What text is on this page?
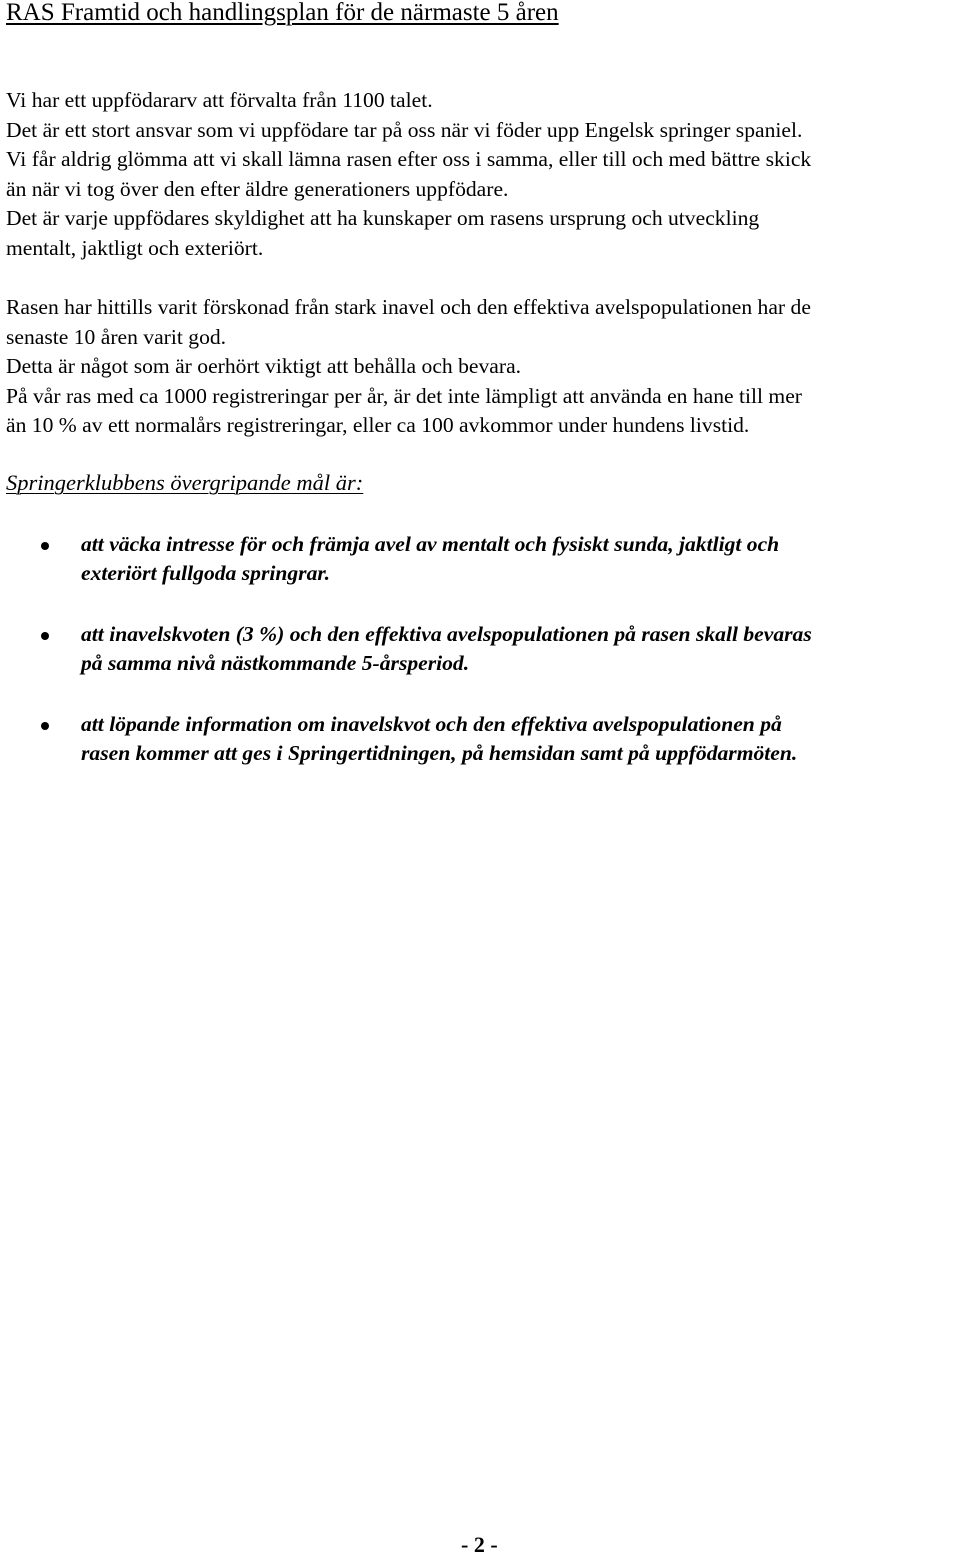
RAS Framtid och handlingsplan för de närmaste 5 åren

Vi har ett uppfödararv att förvalta från 1100 talet.
Det är ett stort ansvar som vi uppfödare tar på oss när vi föder upp Engelsk springer spaniel.
Vi får aldrig glömma att vi skall lämna rasen efter oss i samma, eller till och med bättre skick
än när vi tog över den efter äldre generationers uppfödare.
Det är varje uppfödares skyldighet att ha kunskaper om rasens ursprung och utveckling
mentalt, jaktligt och exteriört.

Rasen har hittills varit förskonad från stark inavel och den effektiva avelspopulationen har de
senaste 10 åren varit god.
Detta är något som är oerhört viktigt att behålla och bevara.
På vår ras med ca 1000 registreringar per år, är det inte lämpligt att använda en hane till mer
än 10 % av ett normalårs registreringar, eller ca 100 avkommor under hundens livstid.

Springerklubbens övergripande mål är:

att väcka intresse för och främja avel av mentalt och fysiskt sunda, jaktligt och
exteriört fullgoda springrar.
att inavelskvoten (3 %) och den effektiva avelspopulationen på rasen skall bevaras
på samma nivå nästkommande 5-årsperiod.
att löpande information om inavelskvot och den effektiva avelspopulationen på
rasen kommer att ges i Springertidningen, på hemsidan samt på uppfödarmöten.
- 2 -
